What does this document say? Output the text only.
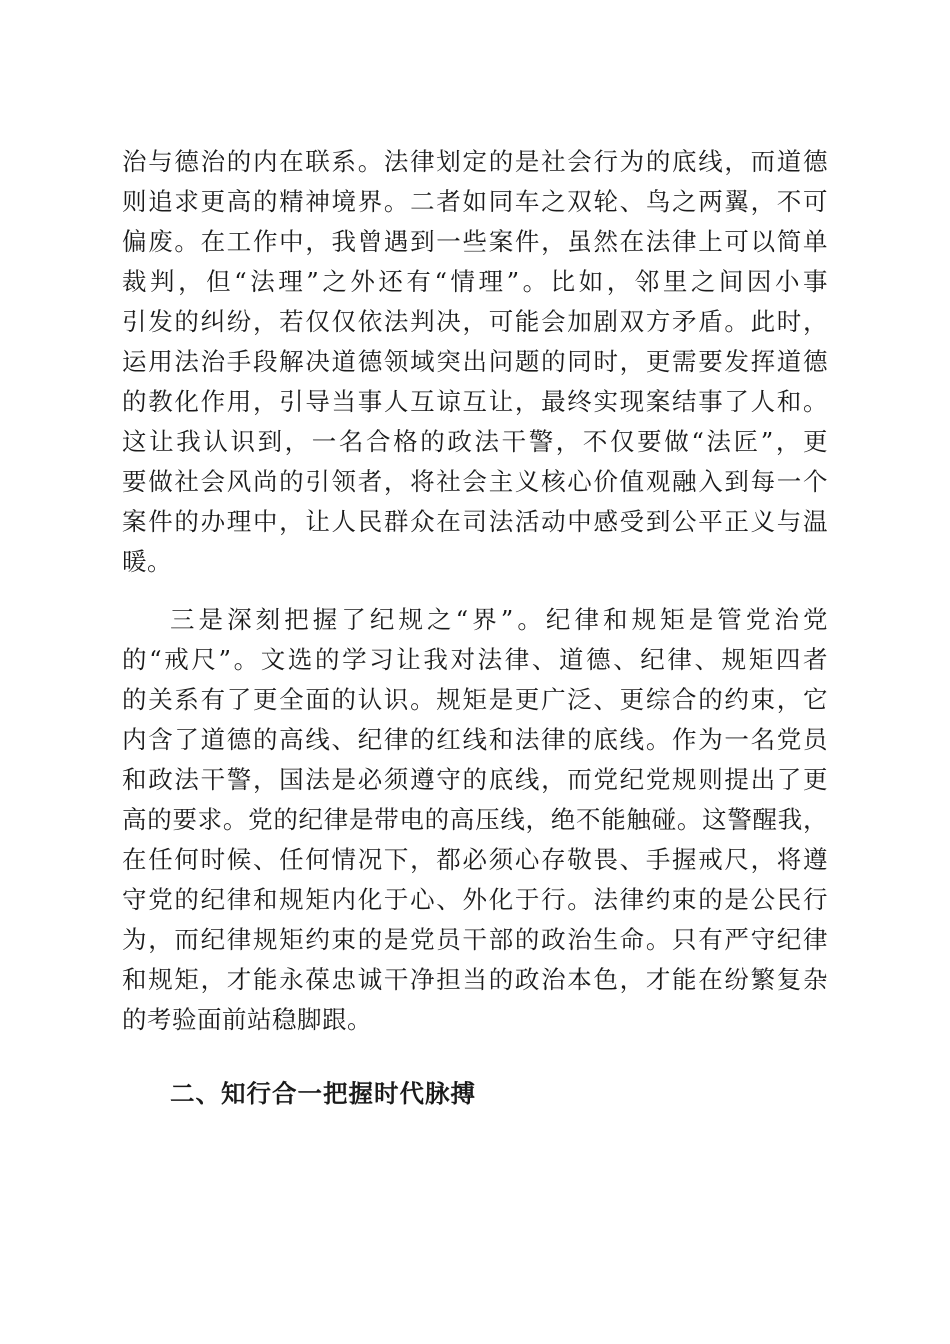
治与德治的内在联系。法律划定的是社会行为的底线，而道德
则追求更高的精神境界。二者如同车之双轮、鸟之两翼，不可
偏废。在工作中，我曾遇到一些案件，虽然在法律上可以简单
裁判，但“法理”之外还有“情理”。比如，邻里之间因小事
引发的纠纷，若仅仅依法判决，可能会加剧双方矛盾。此时，
运用法治手段解决道德领域突出问题的同时，更需要发挥道德
的教化作用，引导当事人互谅互让，最终实现案结事了人和。
这让我认识到，一名合格的政法干警，不仅要做“法匠”，更
要做社会风尚的引领者，将社会主义核心价值观融入到每一个
案件的办理中，让人民群众在司法活动中感受到公平正义与温
暖。
三是深刻把握了纪规之“界”。纪律和规矩是管党治党
的“戒尺”。文选的学习让我对法律、道德、纪律、规矩四者
的关系有了更全面的认识。规矩是更广泛、更综合的约束，它
内含了道德的高线、纪律的红线和法律的底线。作为一名党员
和政法干警，国法是必须遵守的底线，而党纪党规则提出了更
高的要求。党的纪律是带电的高压线，绝不能触碰。这警醒我，
在任何时候、任何情况下，都必须心存敬畏、手握戒尺，将遵
守党的纪律和规矩内化于心、外化于行。法律约束的是公民行
为，而纪律规矩约束的是党员干部的政治生命。只有严守纪律
和规矩，才能永葆忠诚干净担当的政治本色，才能在纷繁复杂
的考验面前站稳脚跟。
二、知行合一把握时代脉搏
